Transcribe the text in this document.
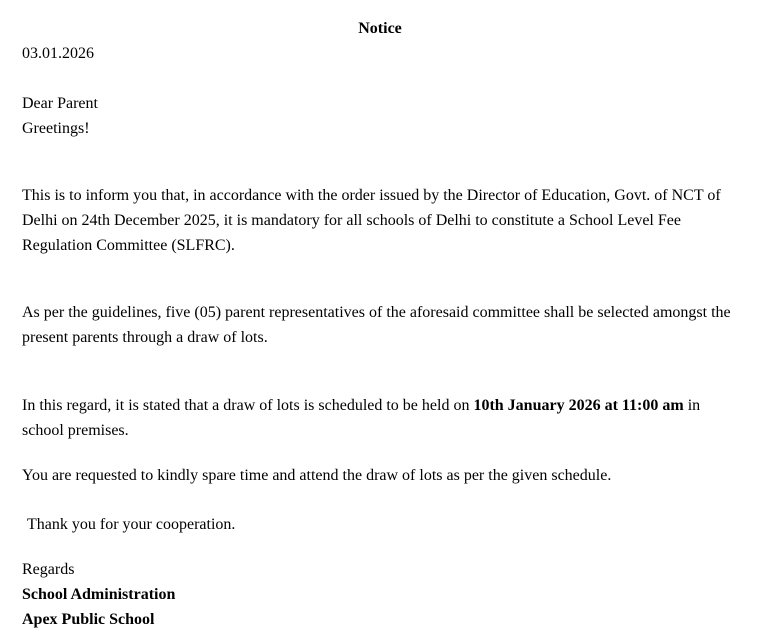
Notice

03.01.2026

Dear Parent

Greetings!

This is to inform you that, in accordance with the order issued by the Director of Education, Govt. of NCT of Delhi on 24th December 2025, it is mandatory for all schools of Delhi to constitute a School Level Fee Regulation Committee (SLFRC).

As per the guidelines, five (05) parent representatives of the aforesaid committee shall be selected amongst the present parents through a draw of lots.

In this regard, it is stated that a draw of lots is scheduled to be held on 10th January 2026 at 11:00 am in school premises.

You are requested to kindly spare time and attend the draw of lots as per the given schedule.

Thank you for your cooperation.

Regards

School Administration

Apex Public School
